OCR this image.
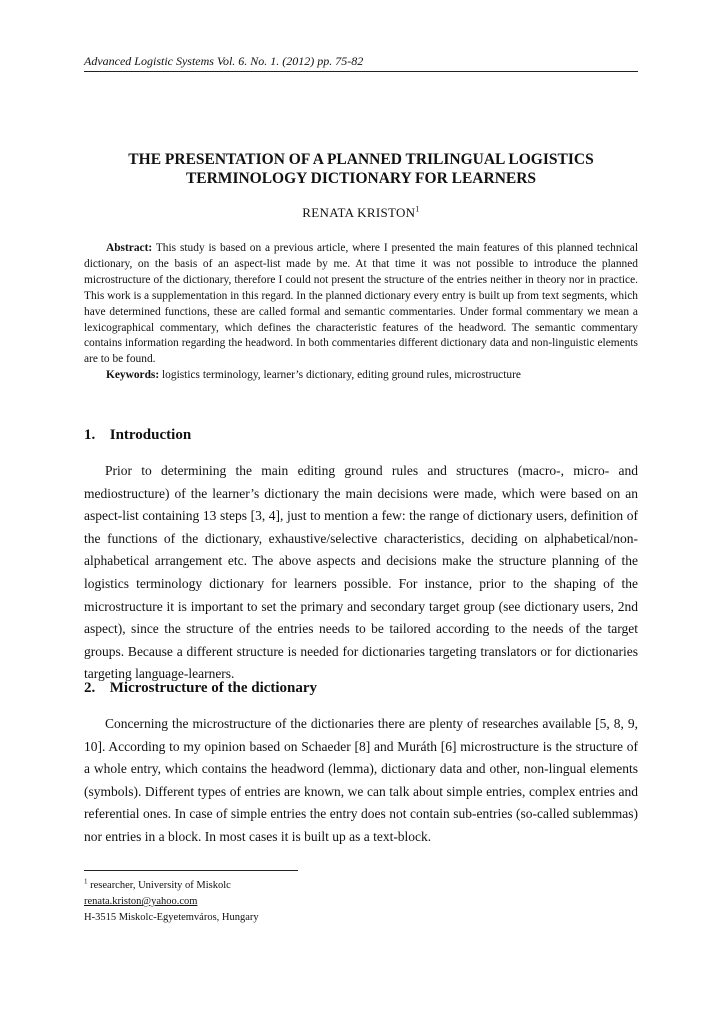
Advanced Logistic Systems Vol. 6. No. 1. (2012) pp. 75-82
THE PRESENTATION OF A PLANNED TRILINGUAL LOGISTICS
TERMINOLOGY DICTIONARY FOR LEARNERS
RENATA KRISTON$^1$

Abstract: This study is based on a previous article, where I presented the main features of this planned technical dictionary, on the basis of an aspect-list made by me. At that time it was not possible to introduce the planned microstructure of the dictionary, therefore I could not present the structure of the entries neither in theory nor in practice. This work is a supplementation in this regard. In the planned dictionary every entry is built up from text segments, which have determined functions, these are called formal and semantic commentaries. Under formal commentary we mean a lexicographical commentary, which defines the characteristic features of the headword. The semantic commentary contains information regarding the headword. In both commentaries different dictionary data and non-linguistic elements are to be found.

Keywords: logistics terminology, learner’s dictionary, editing ground rules, microstructure

1. Introduction

Prior to determining the main editing ground rules and structures (macro-, micro- and mediostructure) of the learner’s dictionary the main decisions were made, which were based on an aspect-list containing 13 steps [3, 4], just to mention a few: the range of dictionary users, definition of the functions of the dictionary, exhaustive/selective characteristics, deciding on alphabetical/non-alphabetical arrangement etc. The above aspects and decisions make the structure planning of the logistics terminology dictionary for learners possible. For instance, prior to the shaping of the microstructure it is important to set the primary and secondary target group (see dictionary users, 2nd aspect), since the structure of the entries needs to be tailored according to the needs of the target groups. Because a different structure is needed for dictionaries targeting translators or for dictionaries targeting language-learners.

2. Microstructure of the dictionary

Concerning the microstructure of the dictionaries there are plenty of researches available [5, 8, 9, 10]. According to my opinion based on Schaeder [8] and Muráth [6] microstructure is the structure of a whole entry, which contains the headword (lemma), dictionary data and other, non-lingual elements (symbols). Different types of entries are known, we can talk about simple entries, complex entries and referential ones. In case of simple entries the entry does not contain sub-entries (so-called sublemmas) nor entries in a block. In most cases it is built up as a text-block.

$^1$ researcher, University of Miskolc
renata.kriston@yahoo.com
H-3515 Miskolc-Egyetemváros, Hungary
